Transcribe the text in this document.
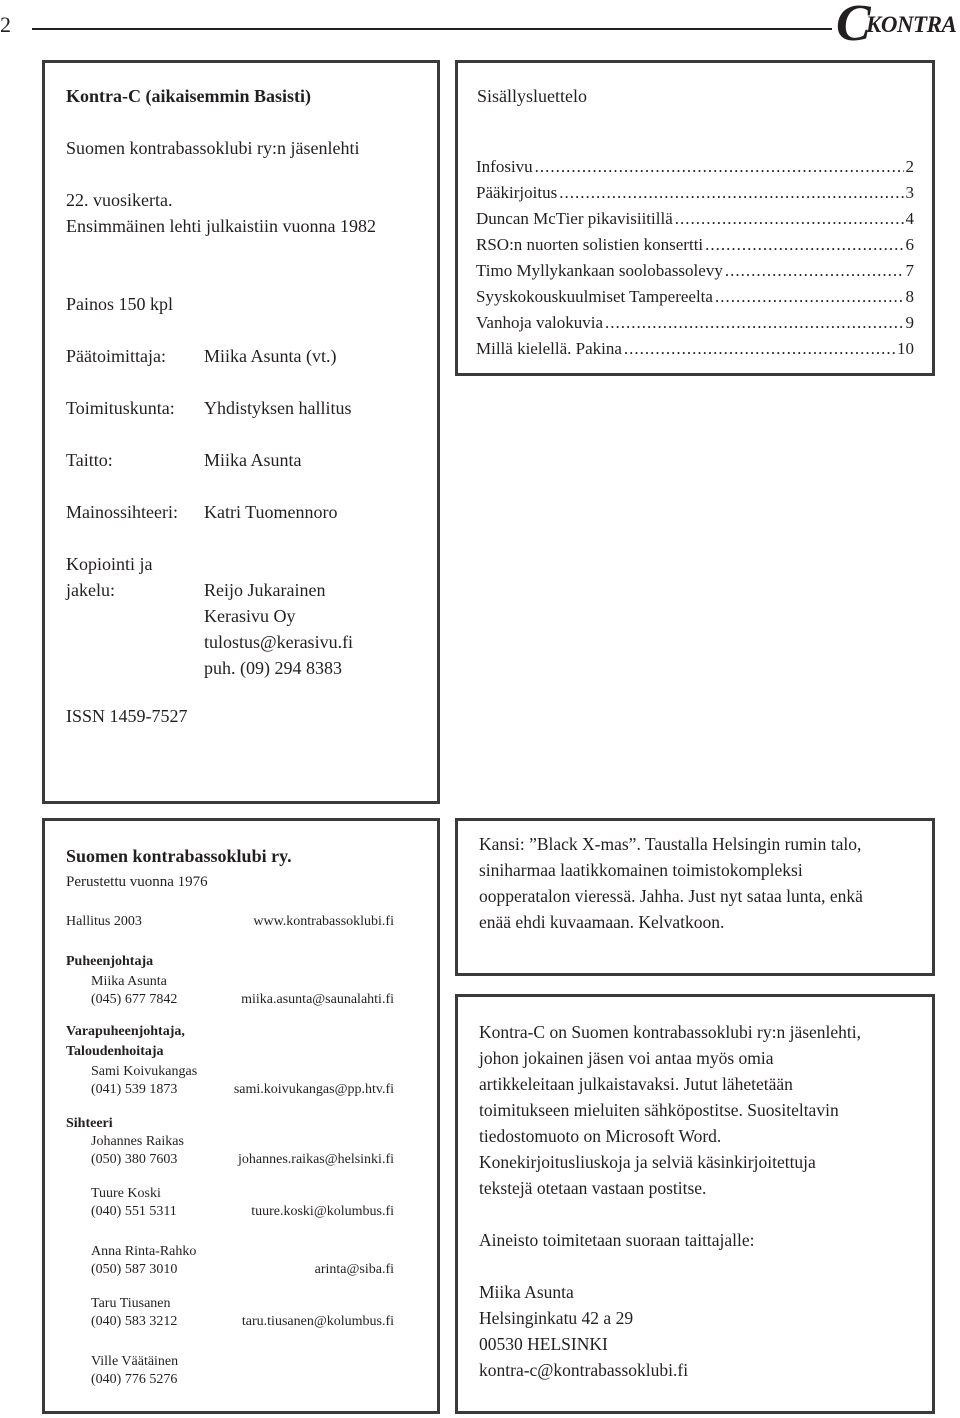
2	C
KONTRA
Kontra-C (aikaisemmin Basisti)
Suomen kontrabassoklubi ry:n jäsenlehti
22. vuosikerta.
Ensimmäinen lehti julkaistiin vuonna 1982
Painos 150 kpl
Päätoimittaja: Miika Asunta (vt.)
Toimituskunta: Yhdistyksen hallitus
Taitto:	Miika Asunta
Mainossihteeri: Katri Tuomennoro
Kopiointi ja
jakelu:	Reijo Jukarainen
Kerasivu Oy
tulostus@kerasivu.fi
puh. (09) 294 8383
ISSN 1459-7527
Sisällysluettelo
Infosivu .....	2
Pääkirjoitus .....	3
Duncan McTier pikavisiitillä .....	4
RSO:n nuorten solistien konsertti .....	6
Timo Myllykankaan soolobassolevy .....	7
Syyskokouskuulmiset Tampereelta .....	8
Vanhoja valokuvia .....	9
Millä kielellä. Pakina .....	10
Suomen kontrabassoklubi ry.
Perustettu vuonna 1976
Hallitus 2003	www.kontrabassoklubi.fi
Puheenjohtaja
Miika Asunta
(045) 677 7842	miika.asunta@saunalahti.fi
Varapuheenjohtaja,
Taloudenhoitaja
Sami Koivukangas
(041) 539 1873	sami.koivukangas@pp.htv.fi
Sihteeri
Johannes Raikas
(050) 380 7603	johannes.raikas@helsinki.fi
Tuure Koski
(040) 551 5311	tuure.koski@kolumbus.fi
Anna Rinta-Rahko
(050) 587 3010	arinta@siba.fi
Taru Tiusanen
(040) 583 3212	taru.tiusanen@kolumbus.fi
Ville Väätäinen
(040) 776 5276
Kansi: ”Black X-mas”. Taustalla Helsingin rumin talo,
siniharmaa laatikkomainen toimistokompleksi
oopperatalon vieressä. Jahha. Just nyt sataa lunta, enkä
enää ehdi kuvaamaan. Kelvatkoon.
Kontra-C on Suomen kontrabassoklubi ry:n jäsenlehti,
johon jokainen jäsen voi antaa myös omia
artikkeleitaan julkaistavaksi. Jutut lähetetään
toimitukseen mieluiten sähköpostitse. Suositeltavin
tiedostomuoto on Microsoft Word.
Konekirjoitusliuskoja ja selviä käsinkirjoitettuja
tekstejä otetaan vastaan postitse.
Aineisto toimitetaan suoraan taittajalle:
Miika Asunta
Helsinginkatu 42 a 29
00530 HELSINKI
kontra-c@kontrabassoklubi.fi
